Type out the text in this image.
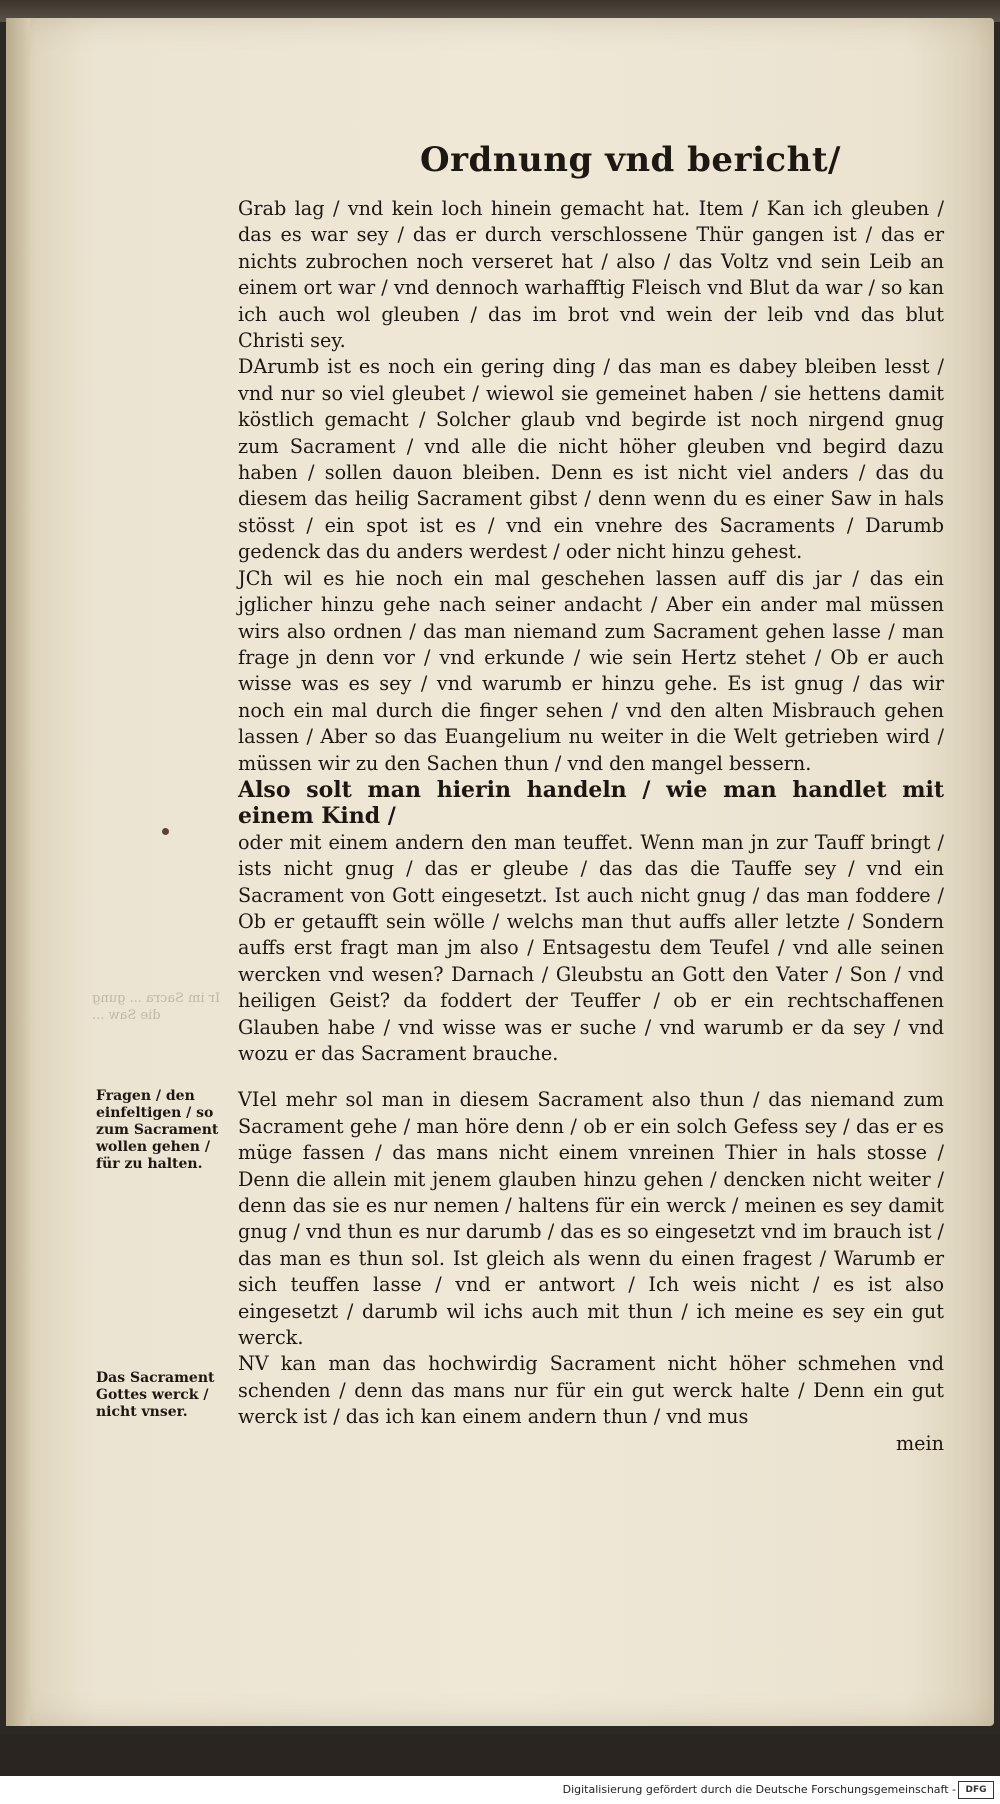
Ordnung vnd bericht/
Ir im Sacra ... gung die Saw ...

Grab lag / vnd kein loch hinein gemacht hat. Item / Kan ich gleuben / das es war sey / das er durch verschlossene Thür gangen ist / das er nichts zubrochen noch verseret hat / also / das Voltz vnd sein Leib an einem ort war / vnd dennoch warhafftig Fleisch vnd Blut da war / so kan ich auch wol gleuben / das im brot vnd wein der leib vnd das blut Christi sey.

DArumb ist es noch ein gering ding / das man es dabey bleiben lesst / vnd nur so viel gleubet / wiewol sie gemeinet haben / sie hettens damit köstlich gemacht / Solcher glaub vnd begirde ist noch nirgend gnug zum Sacrament / vnd alle die nicht höher gleuben vnd begird dazu haben / sollen dauon bleiben. Denn es ist nicht viel anders / das du diesem das heilig Sacrament gibst / denn wenn du es einer Saw in hals stösst / ein spot ist es / vnd ein vnehre des Sacraments / Darumb gedenck das du anders werdest / oder nicht hinzu gehest.

JCh wil es hie noch ein mal geschehen lassen auff dis jar / das ein jglicher hinzu gehe nach seiner andacht / Aber ein ander mal müssen wirs also ordnen / das man niemand zum Sacrament gehen lasse / man frage jn denn vor / vnd erkunde / wie sein Hertz stehet / Ob er auch wisse was es sey / vnd warumb er hinzu gehe. Es ist gnug / das wir noch ein mal durch die finger sehen / vnd den alten Misbrauch gehen lassen / Aber so das Euangelium nu weiter in die Welt getrieben wird / müssen wir zu den Sachen thun / vnd den mangel bessern.

Also solt man hierin handeln / wie man handlet mit einem Kind /

oder mit einem andern den man teuffet. Wenn man jn zur Tauff bringt / ists nicht gnug / das er gleube / das das die Tauffe sey / vnd ein Sacrament von Gott eingesetzt. Ist auch nicht gnug / das man foddere / Ob er getaufft sein wölle / welchs man thut auffs aller letzte / Sondern auffs erst fragt man jm also / Entsagestu dem Teufel / vnd alle seinen wercken vnd wesen? Darnach / Gleubstu an Gott den Vater / Son / vnd heiligen Geist? da foddert der Teuffer / ob er ein rechtschaffenen Glauben habe / vnd wisse was er suche / vnd warumb er da sey / vnd wozu er das Sacrament brauche.

VIel mehr sol man in diesem Sacrament also thun / das niemand zum Sacrament gehe / man höre denn / ob er ein solch Gefess sey / das er es müge fassen / das mans nicht einem vnreinen Thier in hals stosse / Denn die allein mit jenem glauben hinzu gehen / dencken nicht weiter / denn das sie es nur nemen / haltens für ein werck / meinen es sey damit gnug / vnd thun es nur darumb / das es so eingesetzt vnd im brauch ist / das man es thun sol. Ist gleich als wenn du einen fragest / Warumb er sich teuffen lasse / vnd er antwort / Ich weis nicht / es ist also eingesetzt / darumb wil ichs auch mit thun / ich meine es sey ein gut werck.

NV kan man das hochwirdig Sacrament nicht höher schmehen vnd schenden / denn das mans nur für ein gut werck halte / Denn ein gut werck ist / das ich kan einem andern thun / vnd mus

mein

Fragen / den einfeltigen / so zum Sacrament wollen gehen / für zu halten.
Das Sacrament Gottes werck / nicht vnser.
Digitalisierung gefördert durch die Deutsche Forschungsgemeinschaft -	DFG
